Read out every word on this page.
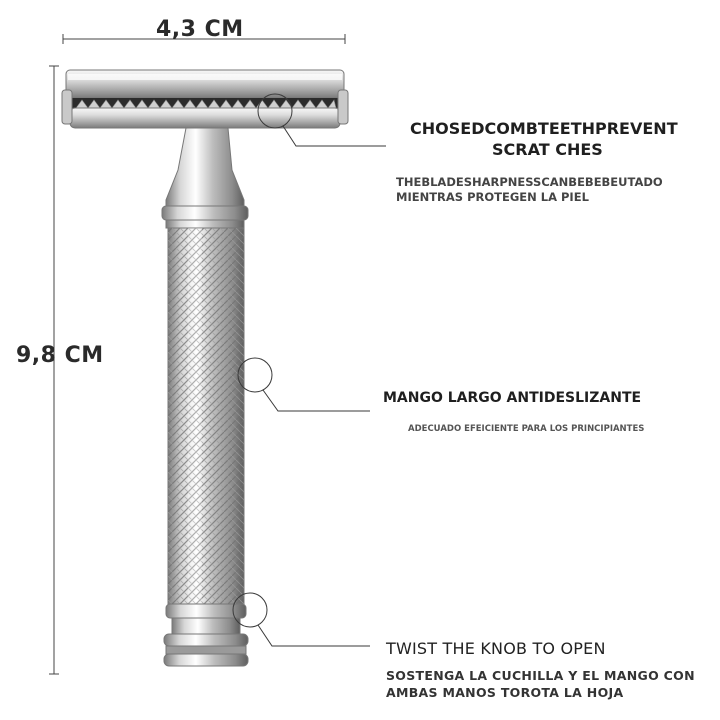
4,3 CM
9,8 CM
CHOSEDCOMBTEETHPREVENT
SCRAT CHES
THEBLADESHARPNESSCANBEBEBEUTADO
MIENTRAS PROTEGEN LA PIEL
MANGO LARGO ANTIDESLIZANTE
ADECUADO EFEICIENTE PARA LOS PRINCIPIANTES
TWIST THE KNOB TO OPEN
SOSTENGA LA CUCHILLA Y EL MANGO CON
AMBAS MANOS TOROTA LA HOJA
